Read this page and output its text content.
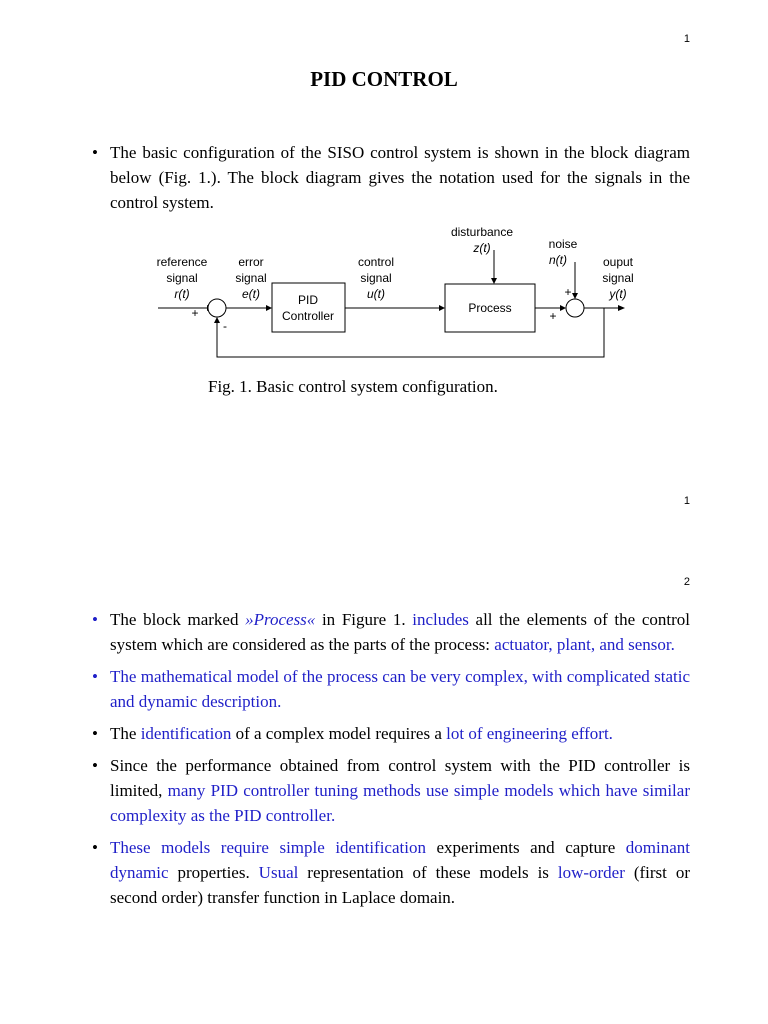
1
PID CONTROL
• The basic configuration of the SISO control system is shown in the block diagram below (Fig. 1.). The block diagram gives the notation used for the signals in the control system.
reference
signal
r(t)
error
signal
e(t)
control
signal
u(t)
disturbance
z(t)	noise
n(t)	ouput
signal
y(t)
+
-
PID
Controller
Process
+
+
Fig. 1. Basic control system configuration.
1
2
• The block marked »Process« in Figure 1. includes all the elements of the control system which are considered as the parts of the process: actuator, plant, and sensor.
• The mathematical model of the process can be very complex, with complicated static and dynamic description.
• The identification of a complex model requires a lot of engineering effort.
• Since the performance obtained from control system with the PID controller is limited, many PID controller tuning methods use simple models which have similar complexity as the PID controller.
• These models require simple identification experiments and capture dominant dynamic properties. Usual representation of these models is low-order (first or second order) transfer function in Laplace domain.
